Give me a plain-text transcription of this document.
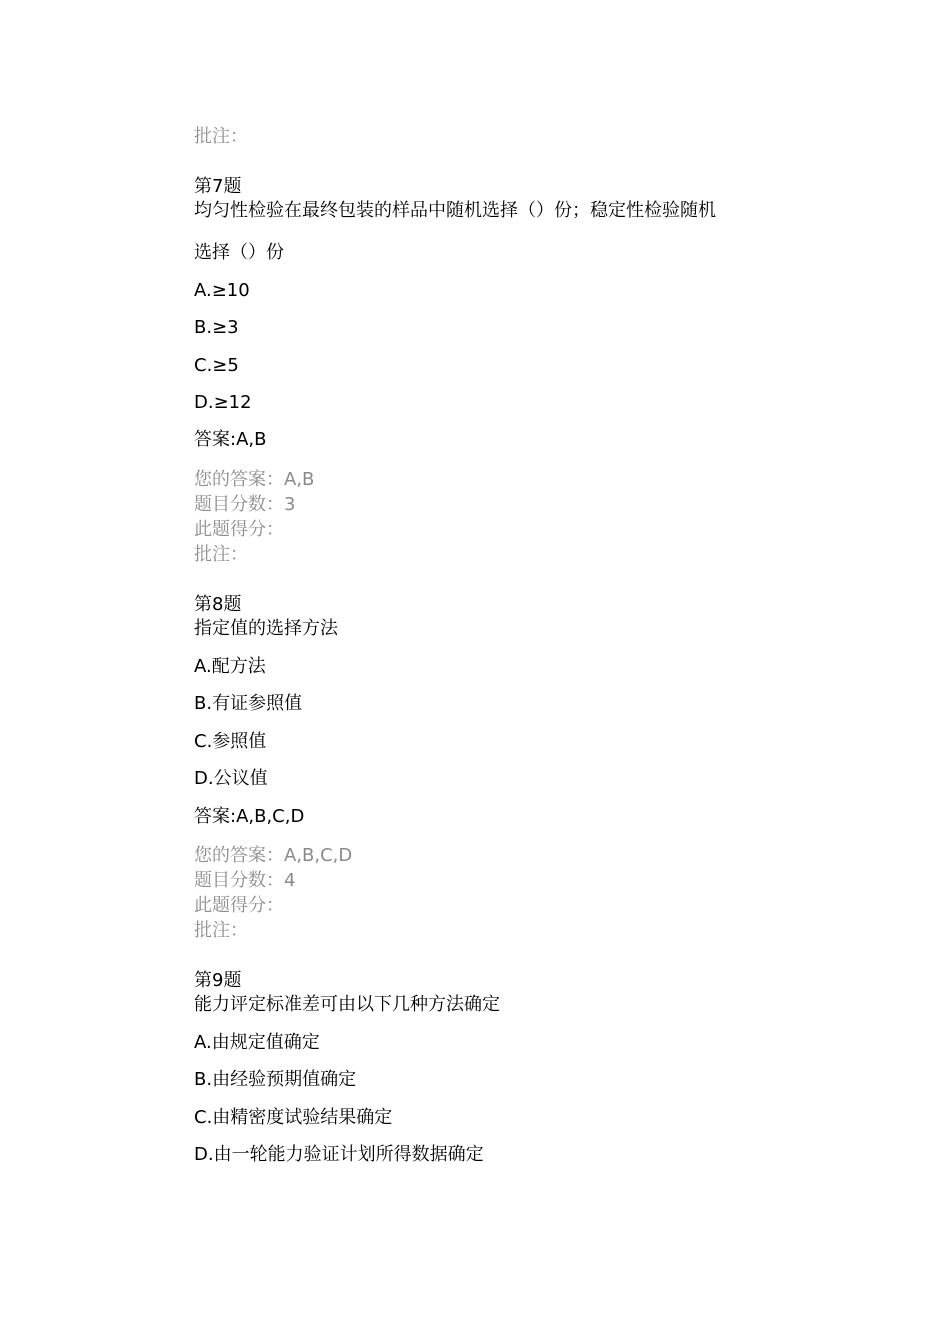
批注：

第7题

均匀性检验在最终包装的样品中随机选择（）份；稳定性检验随机

选择（）份

A.≥10

B.≥3

C.≥5

D.≥12

答案:A,B

您的答案：A,B

题目分数：3

此题得分：

批注：

第8题

指定值的选择方法

A.配方法

B.有证参照值

C.参照值

D.公议值

答案:A,B,C,D

您的答案：A,B,C,D

题目分数：4

此题得分：

批注：

第9题

能力评定标准差可由以下几种方法确定

A.由规定值确定

B.由经验预期值确定

C.由精密度试验结果确定

D.由一轮能力验证计划所得数据确定
